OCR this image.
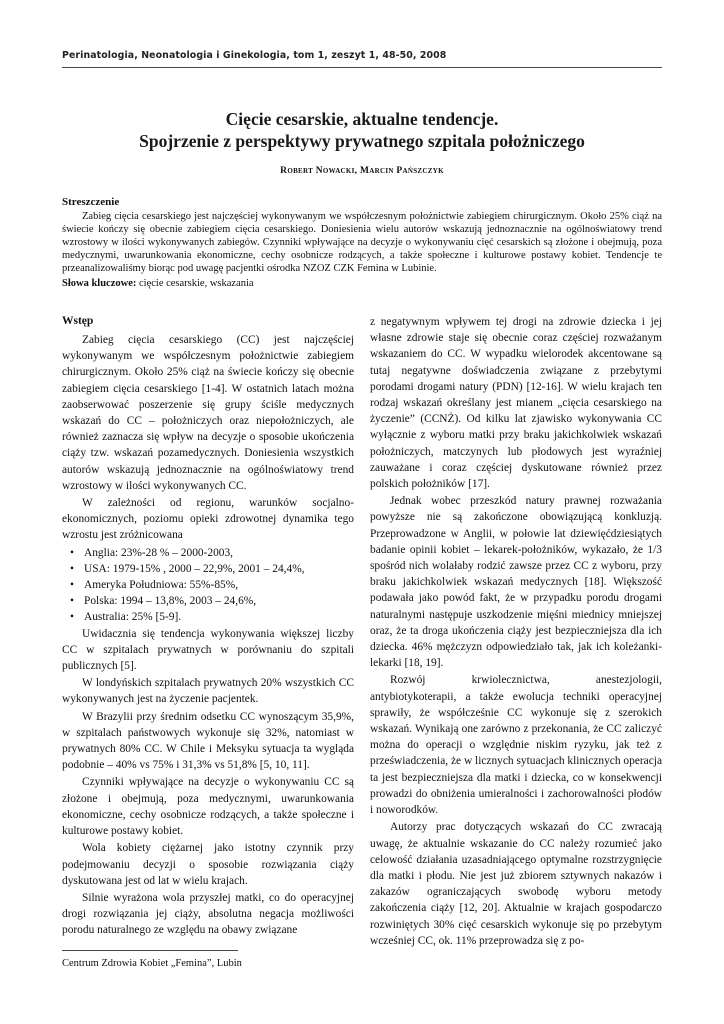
Perinatologia, Neonatologia i Ginekologia, tom 1, zeszyt 1, 48-50, 2008
Cięcie cesarskie, aktualne tendencje.
Spojrzenie z perspektywy prywatnego szpitala położniczego
Robert Nowacki, Marcin Pańszczyk
Streszczenie
Zabieg cięcia cesarskiego jest najczęściej wykonywanym we współczesnym położnictwie zabiegiem chirurgicznym. Około 25% ciąż na świecie kończy się obecnie zabiegiem cięcia cesarskiego. Doniesienia wielu autorów wskazują jednoznacznie na ogólnoświatowy trend wzrostowy w ilości wykonywanych zabiegów. Czynniki wpływające na decyzje o wykonywaniu cięć cesarskich są złożone i obejmują, poza medycznymi, uwarunkowania ekonomiczne, cechy osobnicze rodzących, a także społeczne i kulturowe postawy kobiet. Tendencje te przeanalizowaliśmy biorąc pod uwagę pacjentki ośrodka NZOZ CZK Femina w Lubinie.
Słowa kluczowe: cięcie cesarskie, wskazania
Wstęp
Zabieg cięcia cesarskiego (CC) jest najczęściej wykonywanym we współczesnym położnictwie zabiegiem chirurgicznym. Około 25% ciąż na świecie kończy się obecnie zabiegiem cięcia cesarskiego [1-4]. W ostatnich latach można zaobserwować poszerzenie się grupy ściśle medycznych wskazań do CC – położniczych oraz niepołożniczych, ale również zaznacza się wpływ na decyzje o sposobie ukończenia ciąży tzw. wskazań pozamedycznych. Doniesienia wszystkich autorów wskazują jednoznacznie na ogólnoświatowy trend wzrostowy w ilości wykonywanych CC.
W zależności od regionu, warunków socjalno-ekonomicznych, poziomu opieki zdrowotnej dynamika tego wzrostu jest zróżnicowana
• Anglia: 23%-28 % – 2000-2003,
• USA: 1979-15% , 2000 – 22,9%, 2001 – 24,4%,
• Ameryka Południowa: 55%-85%,
• Polska: 1994 – 13,8%, 2003 – 24,6%,
• Australia: 25% [5-9].
Uwidacznia się tendencja wykonywania większej liczby CC w szpitalach prywatnych w porównaniu do szpitali publicznych [5].
W londyńskich szpitalach prywatnych 20% wszystkich CC wykonywanych jest na życzenie pacjentek.
W Brazylii przy średnim odsetku CC wynoszącym 35,9%, w szpitalach państwowych wykonuje się 32%, natomiast w prywatnych 80% CC. W Chile i Meksyku sytuacja ta wygląda podobnie – 40% vs 75% i 31,3% vs 51,8% [5, 10, 11].
Czynniki wpływające na decyzje o wykonywaniu CC są złożone i obejmują, poza medycznymi, uwarunkowania ekonomiczne, cechy osobnicze rodzących, a także społeczne i kulturowe postawy kobiet.
Wola kobiety ciężarnej jako istotny czynnik przy podejmowaniu decyzji o sposobie rozwiązania ciąży dyskutowana jest od lat w wielu krajach.
Silnie wyrażona wola przyszłej matki, co do operacyjnej drogi rozwiązania jej ciąży, absolutna negacja możliwości porodu naturalnego ze względu na obawy związane
z negatywnym wpływem tej drogi na zdrowie dziecka i jej własne zdrowie staje się obecnie coraz częściej rozważanym wskazaniem do CC. W wypadku wielorodek akcentowane są tutaj negatywne doświadczenia związane z przebytymi porodami drogami natury (PDN) [12-16]. W wielu krajach ten rodzaj wskazań określany jest mianem „cięcia cesarskiego na życzenie” (CCNŻ). Od kilku lat zjawisko wykonywania CC wyłącznie z wyboru matki przy braku jakichkolwiek wskazań położniczych, matczynych lub płodowych jest wyraźniej zauważane i coraz częściej dyskutowane również przez polskich położników [17].
Jednak wobec przeszkód natury prawnej rozważania powyższe nie są zakończone obowiązującą konkluzją. Przeprowadzone w Anglii, w połowie lat dziewięćdziesiątych badanie opinii kobiet – lekarek-położników, wykazało, że 1/3 spośród nich wolałaby rodzić zawsze przez CC z wyboru, przy braku jakichkolwiek wskazań medycznych [18]. Większość podawała jako powód fakt, że w przypadku porodu drogami naturalnymi następuje uszkodzenie mięśni miednicy mniejszej oraz, że ta droga ukończenia ciąży jest bezpieczniejsza dla ich dziecka. 46% mężczyzn odpowiedziało tak, jak ich koleżanki-lekarki [18, 19].
Rozwój krwiolecznictwa, anestezjologii, antybiotykoterapii, a także ewolucja techniki operacyjnej sprawiły, że współcześnie CC wykonuje się z szerokich wskazań. Wynikają one zarówno z przekonania, że CC zaliczyć można do operacji o względnie niskim ryzyku, jak też z przeświadczenia, że w licznych sytuacjach klinicznych operacja ta jest bezpieczniejsza dla matki i dziecka, co w konsekwencji prowadzi do obniżenia umieralności i zachorowalności płodów i noworodków.
Autorzy prac dotyczących wskazań do CC zwracają uwagę, że aktualnie wskazanie do CC należy rozumieć jako celowość działania uzasadniającego optymalne rozstrzygnięcie dla matki i płodu. Nie jest już zbiorem sztywnych nakazów i zakazów ograniczających swobodę wyboru metody zakończenia ciąży [12, 20]. Aktualnie w krajach gospodarczo rozwiniętych 30% cięć cesarskich wykonuje się po przebytym wcześniej CC, ok. 11% przeprowadza się z po-
Centrum Zdrowia Kobiet „Femina”, Lubin
